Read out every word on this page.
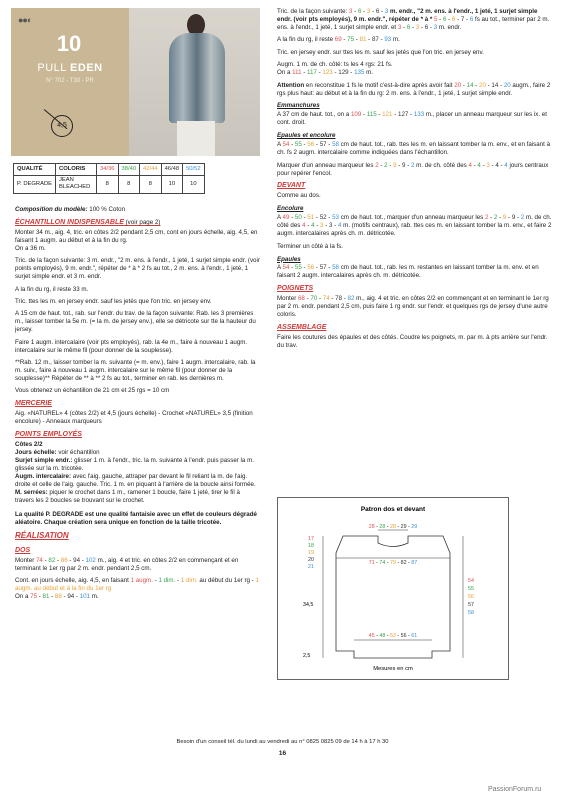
●●◐
10
PULL EDEN
N° 702 - T30 - PR
4,5
QUALITÉ	COLORIS	34/36	38/40	42/44	46/48	50/52
P. DEGRADE	JEAN BLEACHED	8	8	8	10	10

Composition du modèle: 100 % Coton

ÉCHANTILLON INDISPENSABLE (voir page 2)

Monter 34 m., aig. 4, tric. en côtes 2/2 pendant 2,5 cm, cont en jours échelle, aig. 4,5, en faisant 1 augm. au début et à la fin du rg.
On a 36 m.

Tric. de la façon suivante: 3 m. endr., "2 m. ens. à l'endr., 1 jeté, 1 surjet simple endr. (voir points employés), 9 m. endr.", répéter de * à * 2 fs au tot., 2 m. ens. à l'endr., 1 jeté, 1 surjet simple endr. et 3 m. endr.

A la fin du rg, il reste 33 m.

Tric. ttes les m. en jersey endr. sauf les jetés que l'on tric. en jersey env.

A 15 cm de haut. tot., rab. sur l'endr. du trav. de la façon suivante: Rab. les 3 premières m., laisser tomber la 5e m. (= la m. de jersey env.), elle se détricote sur tte la hauteur du jersey.

Faire 1 augm. intercalaire (voir pts employés), rab. la 4e m., faire à nouveau 1 augm. intercalaire sur le même fil (pour donner de la souplesse).

**Rab. 12 m., laisser tomber la m. suivante (= m. env.), faire 1 augm. intercalaire, rab. la m. suiv., faire à nouveau 1 augm. intercalaire sur le même fil (pour donner de la souplesse)** Répéter de ** à ** 2 fs au tot., terminer en rab. les dernières m.

Vous obtenez un échantillon de 21 cm et 25 rgs = 10 cm

MERCERIE

Aig. «NATUREL» 4 (côtes 2/2) et 4,5 (jours échelle) - Crochet «NATUREL» 3,5 (finition encolure) - Anneaux marqueurs

POINTS EMPLOYÉS

Côtes 2/2

Jours échelle: voir échantillon

Surjet simple endr.: glisser 1 m. à l'endr., tric. la m. suivante à l'endr. puis passer la m. glissée sur la m. tricotée.

Augm. intercalaire: avec l'aig. gauche, attraper par devant le fil reliant la m. de l'aig. droite et celle de l'aig. gauche. Tric. 1 m. en piquant à l'arrière de la boucle ainsi formée.

M. serrées: piquer le crochet dans 1 m., ramener 1 boucle, faire 1 jeté, tirer le fil à travers les 2 boucles se trouvant sur le crochet.

La qualité P. DEGRADE est une qualité fantaisie avec un effet de couleurs dégradé aléatoire. Chaque création sera unique en fonction de la taille tricotée.

RÉALISATION
DOS

Monter 74 - 82 - 86 - 94 - 102 m., aig. 4 et tric. en côtes 2/2 en commençant et en terminant le 1er rg par 2 m. endr. pendant 2,5 cm.

Cont. en jours échelle, aig. 4,5, en faisant 1 augm. - 1 dim. - 1 dim. au début du 1er rg - 1 augm. au début et à la fin du 1er rg
On a 75 - 81 - 88 - 94 - 101 m.

Tric. de la façon suivante: 3 - 6 - 3 - 6 - 3 m. endr., "2 m. ens. à l'endr., 1 jeté, 1 surjet simple endr. (voir pts employés), 9 m. endr.", répéter de * à * 5 - 6 - 6 - 7 - 6 fs au tot., terminer par 2 m. ens. à l'endr., 1 jeté, 1 surjet simple endr. et 3 - 6 - 3 - 6 - 3 m. endr.

A la fin du rg, il reste 69 - 75 - 81 - 87 - 93 m.

Tric. en jersey endr. sur ttes les m. sauf les jetés que l'on tric. en jersey env.

Augm. 1 m. de ch. côté: ts les 4 rgs: 21 fs.
On a 111 - 117 - 123 - 129 - 135 m.

Attention en reconstitue 1 fs le motif c'est-à-dire après avoir fait 20 - 14 - 20 - 14 - 20 augm., faire 2 rgs plus haut: au début et à la fin du rg: 2 m. ens. à l'endr., 1 jeté, 1 surjet simple endr.

Emmanchures

A 37 cm de haut. tot., on a 109 - 115 - 121 - 127 - 133 m., placer un anneau marqueur sur les ix. et cont. droit.

Epaules et encolure

A 54 - 55 - 56 - 57 - 58 cm de haut. tot., rab. ttes les m. en laissant tomber la m. env., et en faisant à ch. fs 2 augm. intercalaire comme indiquées dans l'échantillon.

Marquer d'un anneau marqueur les 2 - 2 - 9 - 9 - 2 m. de ch. côté des 4 - 4 - 3 - 4 - 4 jours centraux pour repérer l'encol.

DEVANT

Comme au dos.

Encolure

A 49 - 50 - 51 - 52 - 53 cm de haut. tot., marquer d'un anneau marqueur les 2 - 2 - 9 - 9 - 2 m. de ch. côté des 4 - 4 - 3 - 3 - 4 m. (motifs centraux), rab. ttes ces m. en laissant tomber la m. env., et faire 2 augm. intercalaires après ch. m. détricotée.

Terminer un côté à la fs.

Epaules

A 54 - 55 - 56 - 57 - 58 cm de haut. tot., rab. les m. restantes en laissant tomber la m. env. et en faisant 2 augm. intercalaires après ch. m. détricotée.

POIGNETS

Monter 68 - 70 - 74 - 78 - 82 m., aig. 4 et tric. en côtes 2/2 en commençant et en terminant le 1er rg par 2 m. endr. pendant 2,5 cm, puis faire 1 rg endr. sur l'endr. et quelques rgs de jersey d'une autre coloris.

ASSEMBLAGE

Faire les coutures des épaules et des côtés. Coudre les poignets, m. par m. à pts arrière sur l'endr. du trav.

Patron dos et devant
28 - 28 - 28 - 29 - 29
71 - 74 - 79 - 82 - 87
45 - 48 - 53 - 56 - 61
17
18
19
20
21
34,5
2,5
54
55
56
57
58
Mesures en cm
Besoin d'un conseil tél. du lundi au vendredi au n° 0825 0825 09 de 14 h à 17 h 30
16
PassionForum.ru
